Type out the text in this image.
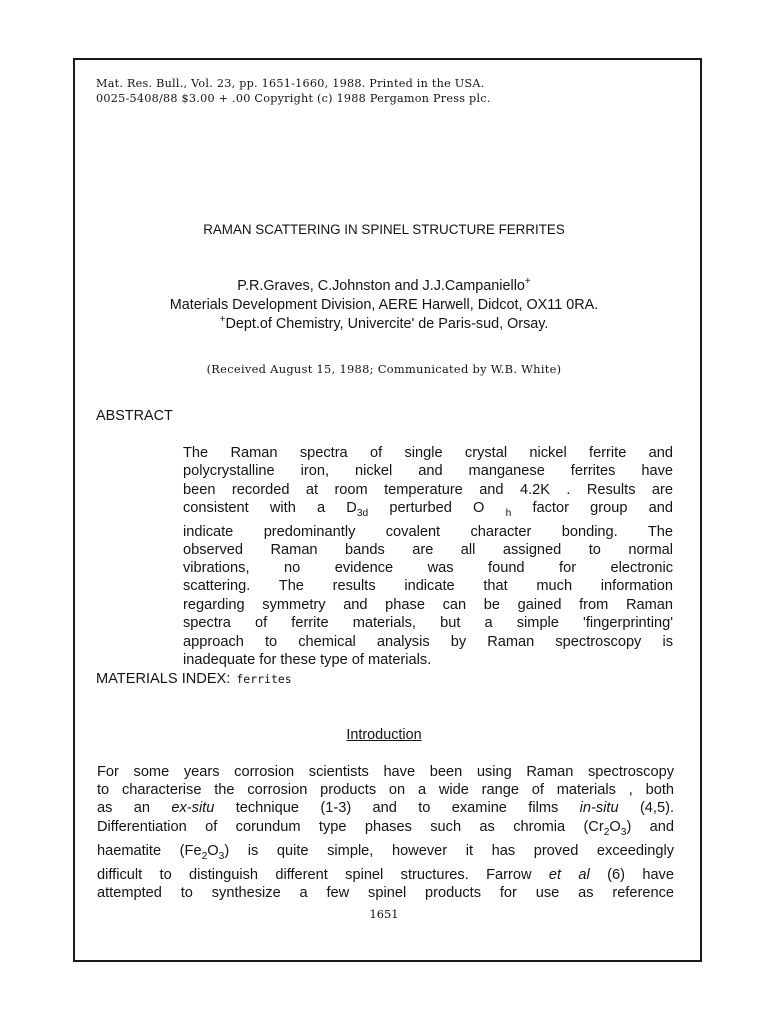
Mat. Res. Bull., Vol. 23, pp. 1651-1660, 1988. Printed in the USA.
0025-5408/88 $3.00 + .00 Copyright (c) 1988 Pergamon Press plc.
RAMAN SCATTERING IN SPINEL STRUCTURE FERRITES
P.R.Graves, C.Johnston and J.J.Campaniello+
Materials Development Division, AERE Harwell, Didcot, OX11 0RA.
+Dept.of Chemistry, Univercite' de Paris-sud, Orsay.
(Received August 15, 1988; Communicated by W.B. White)
ABSTRACT
The Raman spectra of single crystal nickel ferrite and
polycrystalline iron, nickel and manganese ferrites have
been recorded at room temperature and 4.2K . Results are
consistent with a $D_{3d}$ perturbed O $_h$ factor group and
indicate predominantly covalent character bonding. The
observed Raman bands are all assigned to normal
vibrations, no evidence was found for electronic
scattering. The results indicate that much information
regarding symmetry and phase can be gained from Raman
spectra of ferrite materials, but a simple 'fingerprinting'
approach to chemical analysis by Raman spectroscopy is
inadequate for these type of materials.
MATERIALS INDEX: ferrites
Introduction
For some years corrosion scientists have been using Raman spectroscopy
to characterise the corrosion products on a wide range of materials , both
as an ex-situ technique (1-3) and to examine films in-situ (4,5).
Differentiation of corundum type phases such as chromia $(Cr_2O_3)$ and
haematite $(Fe_2O_3)$ is quite simple, however it has proved exceedingly
difficult to distinguish different spinel structures. Farrow et al (6) have
attempted to synthesize a few spinel products for use as reference
1651
